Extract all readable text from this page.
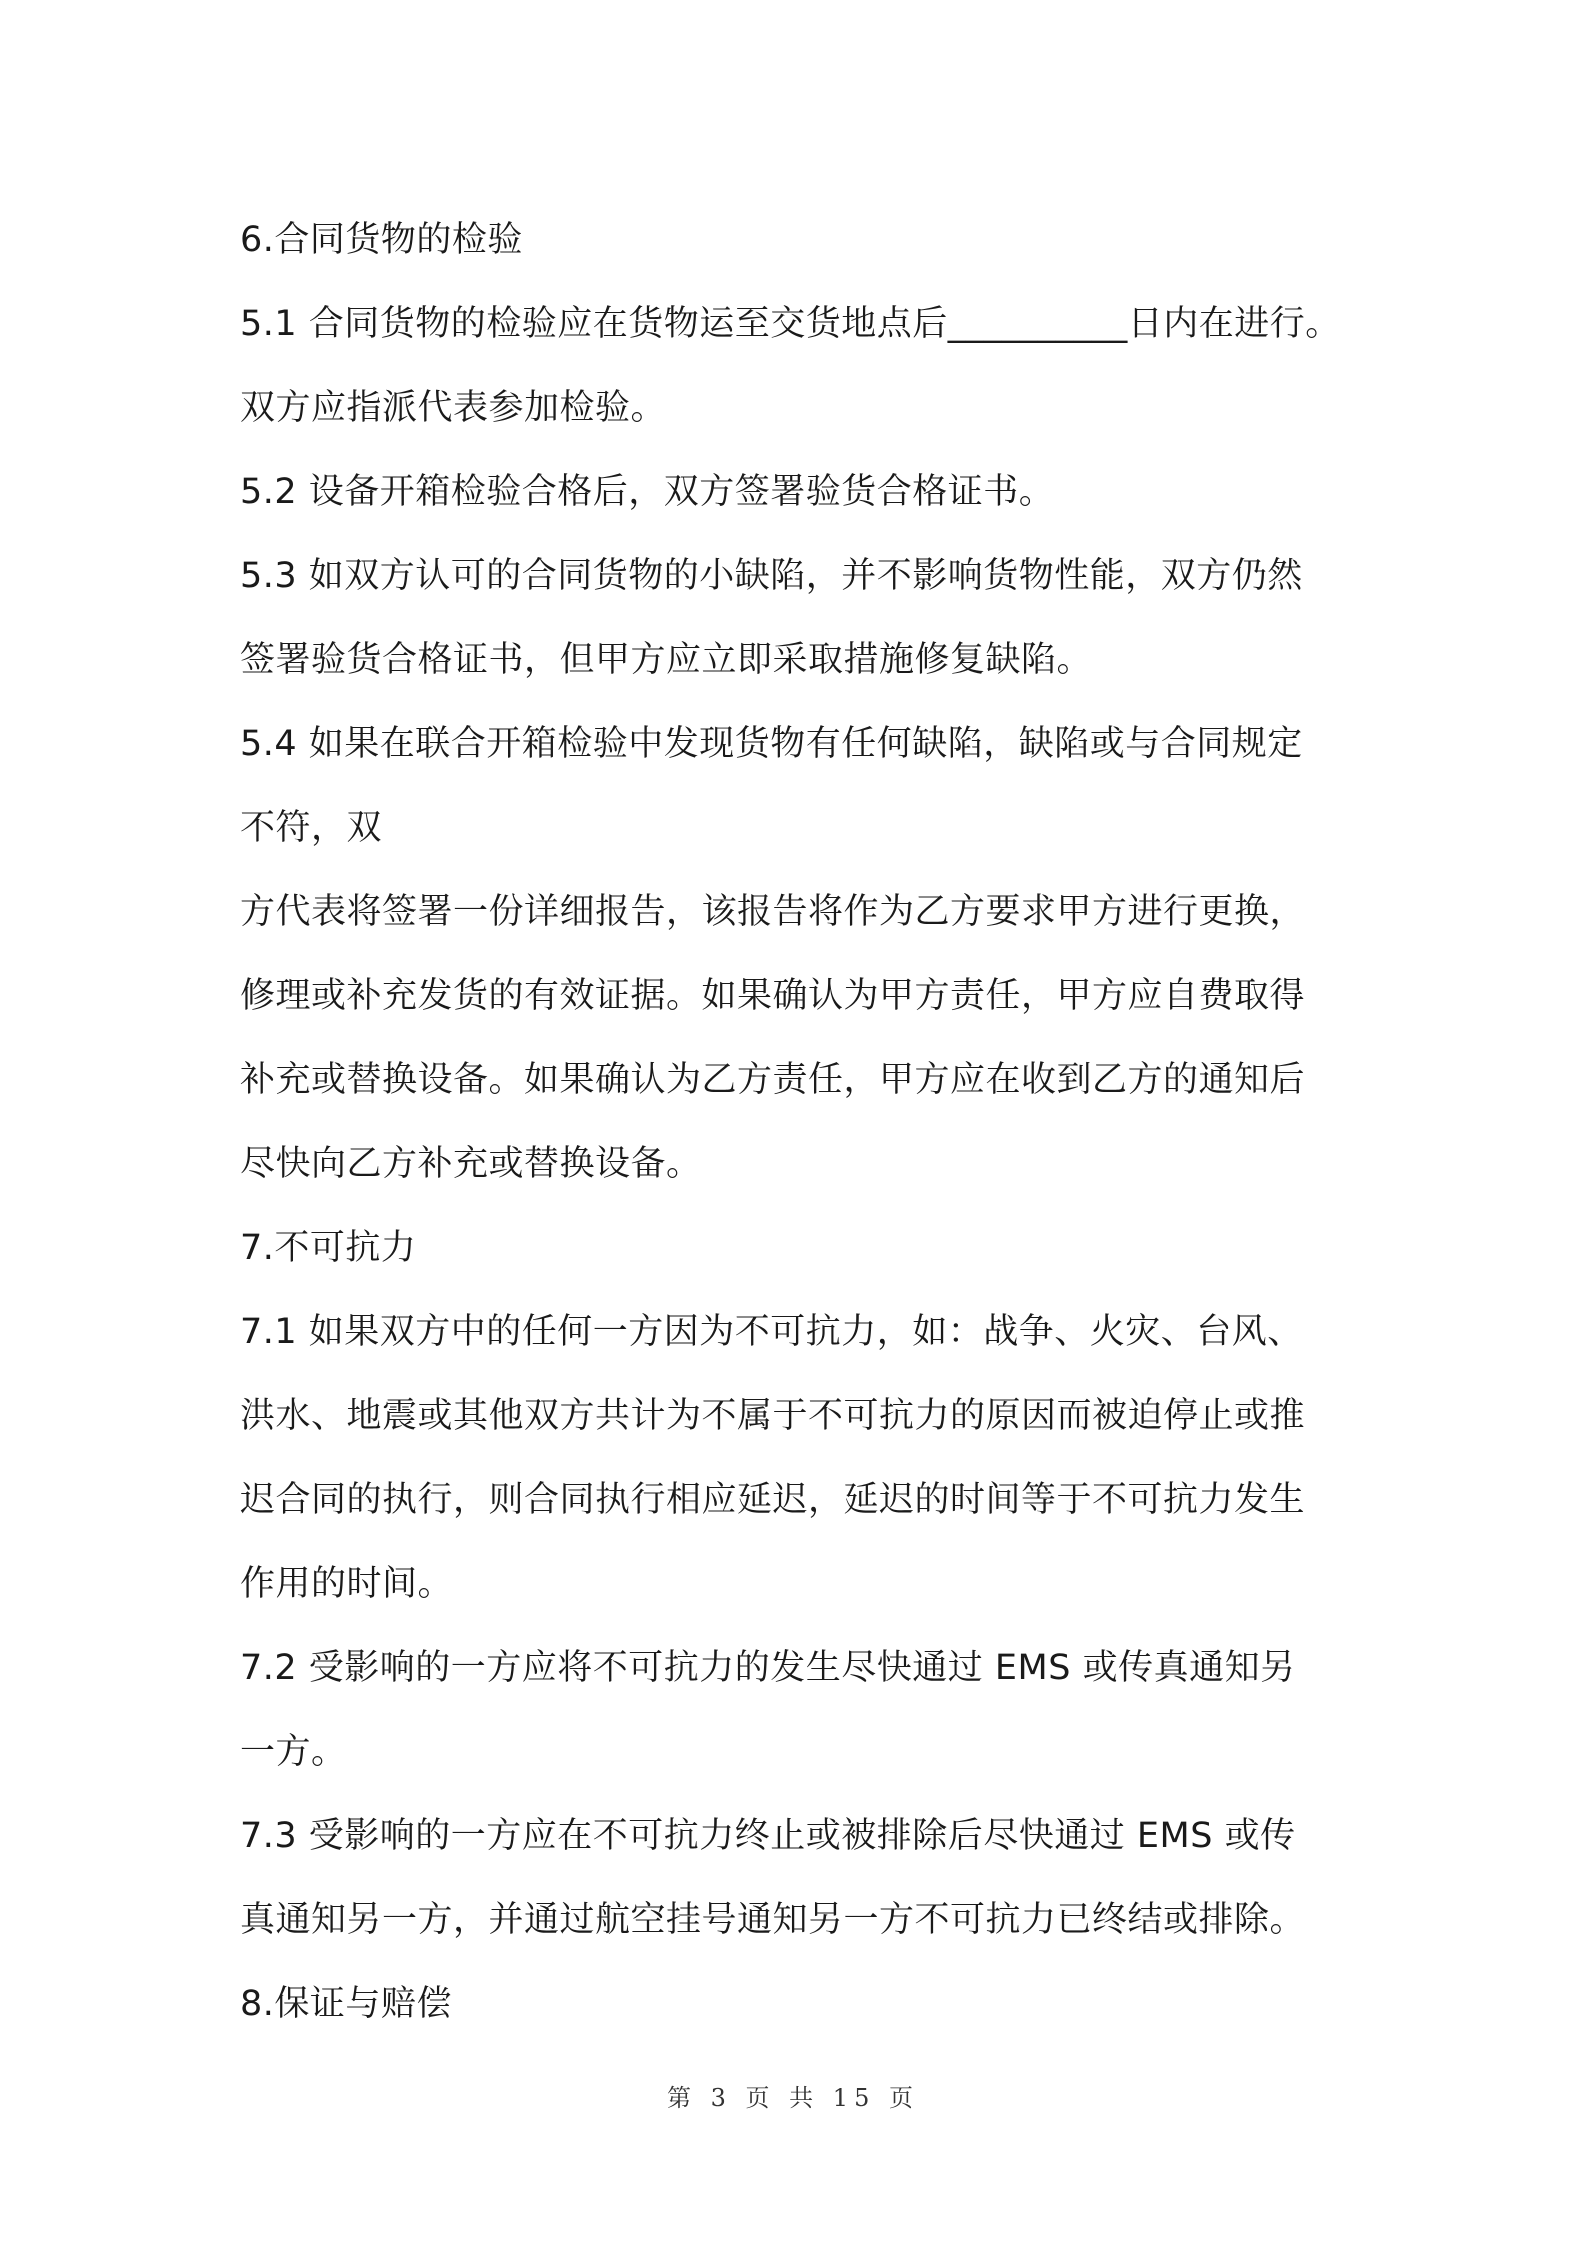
6.合同货物的检验
5.1 合同货物的检验应在货物运至交货地点后__________日内在进行。
双方应指派代表参加检验。
5.2 设备开箱检验合格后，双方签署验货合格证书。
5.3 如双方认可的合同货物的小缺陷，并不影响货物性能，双方仍然
签署验货合格证书，但甲方应立即采取措施修复缺陷。
5.4 如果在联合开箱检验中发现货物有任何缺陷，缺陷或与合同规定
不符，双
方代表将签署一份详细报告，该报告将作为乙方要求甲方进行更换，
修理或补充发货的有效证据。如果确认为甲方责任，甲方应自费取得
补充或替换设备。如果确认为乙方责任，甲方应在收到乙方的通知后
尽快向乙方补充或替换设备。
7.不可抗力
7.1 如果双方中的任何一方因为不可抗力，如：战争、火灾、台风、
洪水、地震或其他双方共计为不属于不可抗力的原因而被迫停止或推
迟合同的执行，则合同执行相应延迟，延迟的时间等于不可抗力发生
作用的时间。
7.2 受影响的一方应将不可抗力的发生尽快通过 EMS 或传真通知另
一方。
7.3 受影响的一方应在不可抗力终止或被排除后尽快通过 EMS 或传
真通知另一方，并通过航空挂号通知另一方不可抗力已终结或排除。
8.保证与赔偿
第 3 页 共 15 页
